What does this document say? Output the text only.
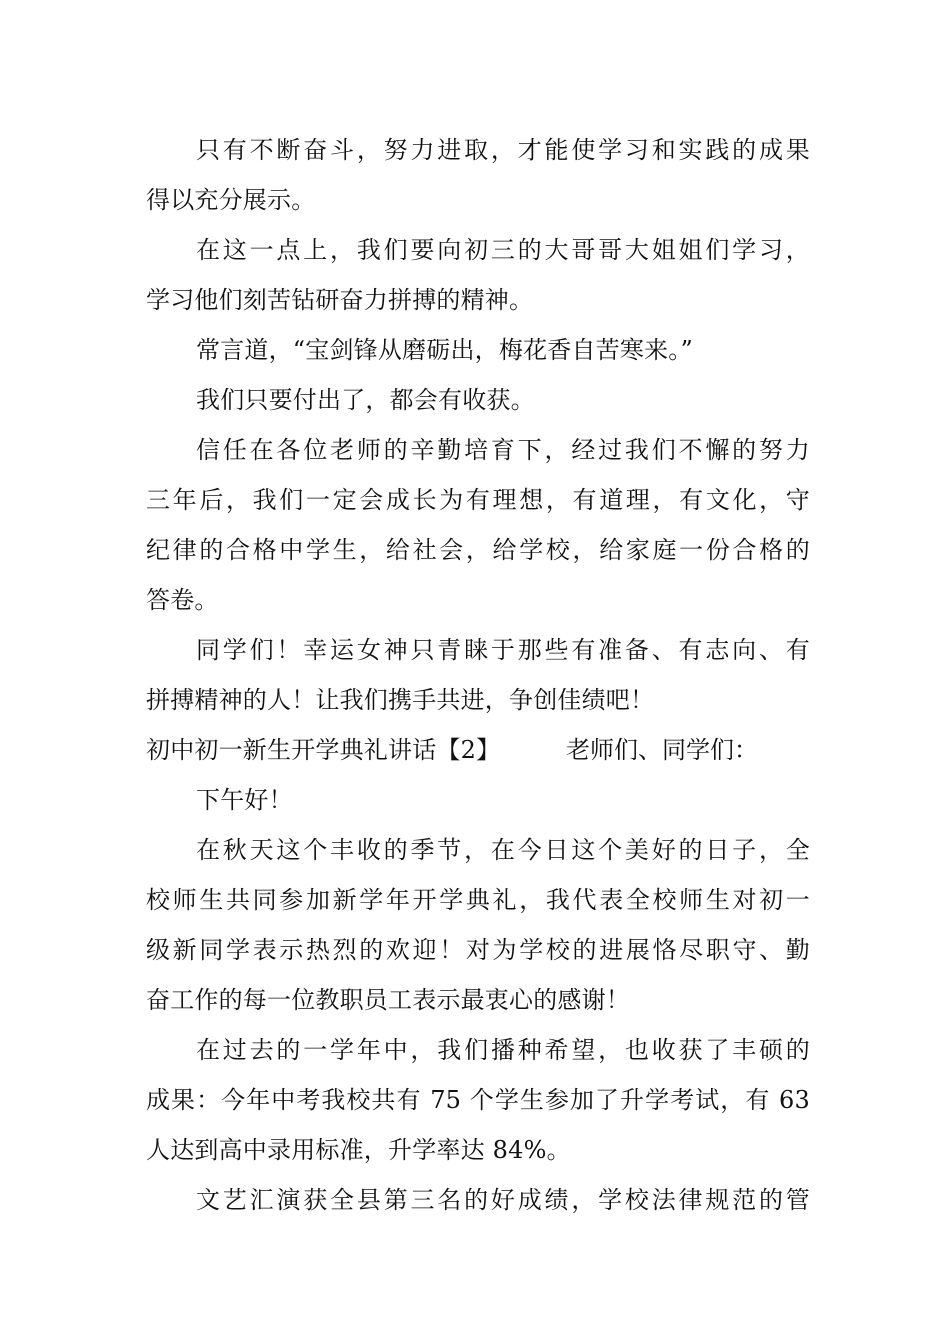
只有不断奋斗，努力进取，才能使学习和实践的成果
得以充分展示。
在这一点上，我们要向初三的大哥哥大姐姐们学习，
学习他们刻苦钻研奋力拼搏的精神。
常言道，“宝剑锋从磨砺出，梅花香自苦寒来。”
我们只要付出了，都会有收获。
信任在各位老师的辛勤培育下，经过我们不懈的努力
三年后，我们一定会成长为有理想，有道理，有文化，守
纪律的合格中学生，给社会，给学校，给家庭一份合格的
答卷。
同学们！幸运女神只青睐于那些有准备、有志向、有
拼搏精神的人！让我们携手共进，争创佳绩吧！
初中初一新生开学典礼讲话【2】	老师们、同学们：
下午好！
在秋天这个丰收的季节，在今日这个美好的日子，全
校师生共同参加新学年开学典礼，我代表全校师生对初一
级新同学表示热烈的欢迎！对为学校的进展恪尽职守、勤
奋工作的每一位教职员工表示最衷心的感谢！
在过去的一学年中，我们播种希望，也收获了丰硕的
成果：今年中考我校共有 75 个学生参加了升学考试，有 63
人达到高中录用标准，升学率达 84%。
文艺汇演获全县第三名的好成绩，学校法律规范的管
